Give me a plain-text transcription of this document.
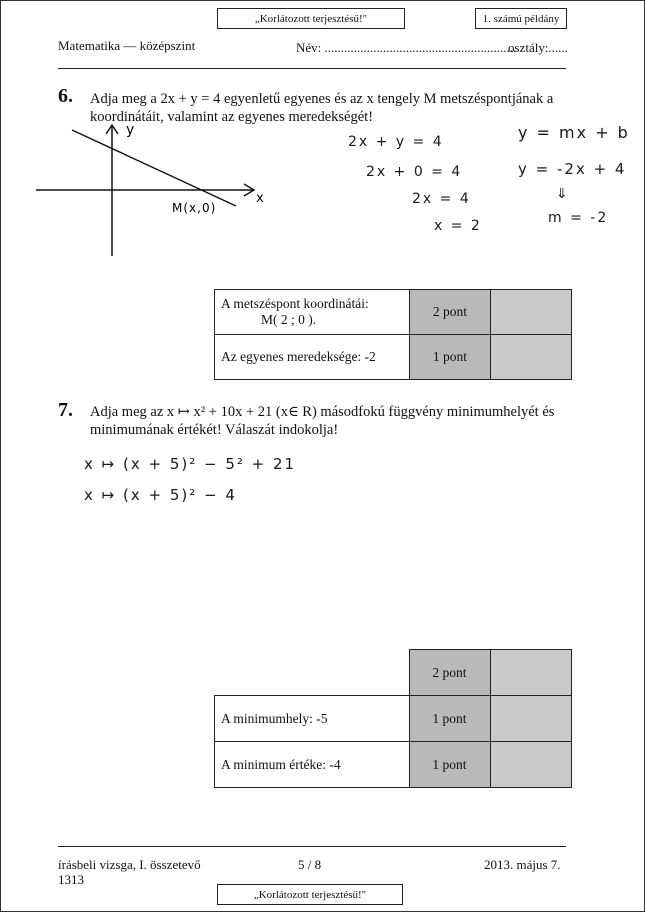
„Korlátozott terjesztésű!"	1. számú példány
Matematika — középszint	Név: ...........................................................
osztály:......
6. Adja meg a 2x + y = 4 egyenletű egyenes és az x tengely M metszéspontjának a
koordinátáit, valamint az egyenes meredekségét!
y
x
M(x,0)
2x + y = 4
2x + 0 = 4
2x = 4
x = 2
y = mx + b
y = -2x + 4
⇓
m = -2
A metszéspont koordinátái:
M( 2 ; 0 ).	2 pont	
Az egyenes meredeksége: -2	1 pont	
7. Adja meg az x ↦ x² + 10x + 21 (x∈ R) másodfokú függvény minimumhelyét és
minimumának értékét! Válaszát indokolja!
x ↦ (x + 5)² − 5² + 21
x ↦ (x + 5)² − 4
	2 pont	
A minimumhely: -5	1 pont	
A minimum értéke: -4	1 pont	
írásbeli vizsga, I. összetevő
1313
5 / 8	2013. május 7.
„Korlátozott terjesztésű!"
